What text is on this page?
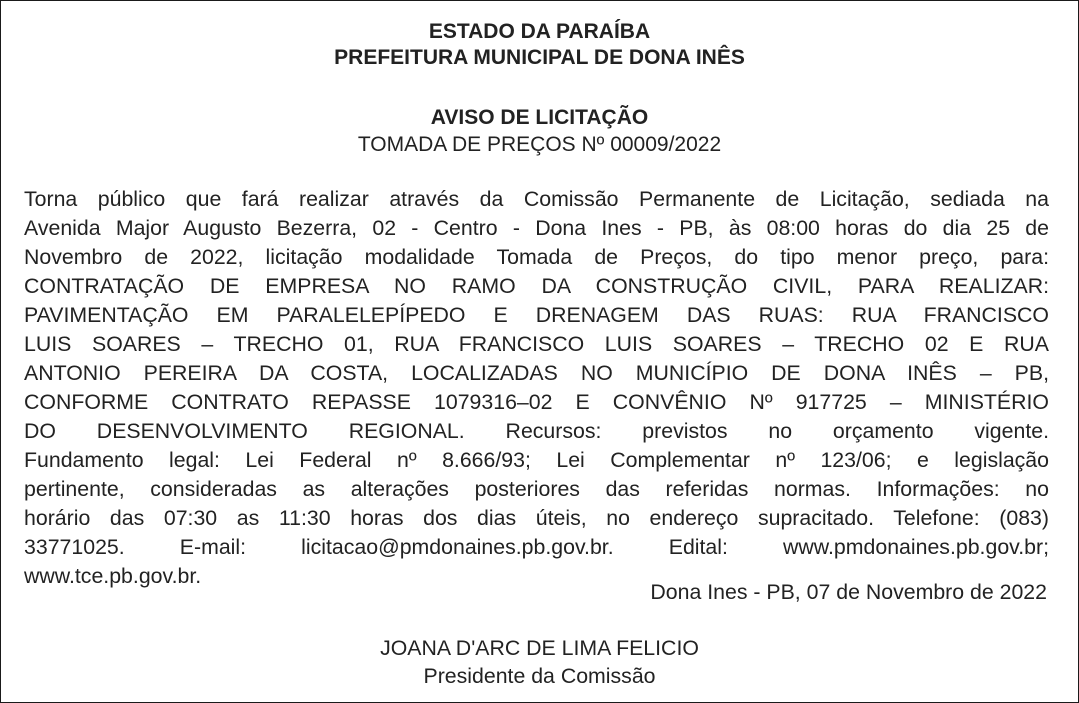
ESTADO DA PARAÍBA
PREFEITURA MUNICIPAL DE DONA INÊS
AVISO DE LICITAÇÃO
TOMADA DE PREÇOS Nº 00009/2022
Torna público que fará realizar através da Comissão Permanente de Licitação, sediada na
Avenida Major Augusto Bezerra, 02 - Centro - Dona Ines - PB, às 08:00 horas do dia 25 de
Novembro de 2022, licitação modalidade Tomada de Preços, do tipo menor preço, para:
CONTRATAÇÃO DE EMPRESA NO RAMO DA CONSTRUÇÃO CIVIL, PARA REALIZAR:
PAVIMENTAÇÃO EM PARALELEPÍPEDO E DRENAGEM DAS RUAS: RUA FRANCISCO
LUIS SOARES – TRECHO 01, RUA FRANCISCO LUIS SOARES – TRECHO 02 E RUA
ANTONIO PEREIRA DA COSTA, LOCALIZADAS NO MUNICÍPIO DE DONA INÊS – PB,
CONFORME CONTRATO REPASSE 1079316–02 E CONVÊNIO Nº 917725 – MINISTÉRIO
DO DESENVOLVIMENTO REGIONAL. Recursos: previstos no orçamento vigente.
Fundamento legal: Lei Federal nº 8.666/93; Lei Complementar nº 123/06; e legislação
pertinente, consideradas as alterações posteriores das referidas normas. Informações: no
horário das 07:30 as 11:30 horas dos dias úteis, no endereço supracitado. Telefone: (083)
33771025. E-mail: licitacao@pmdonaines.pb.gov.br. Edital: www.pmdonaines.pb.gov.br;
www.tce.pb.gov.br.
Dona Ines - PB, 07 de Novembro de 2022
JOANA D'ARC DE LIMA FELICIO
Presidente da Comissão
